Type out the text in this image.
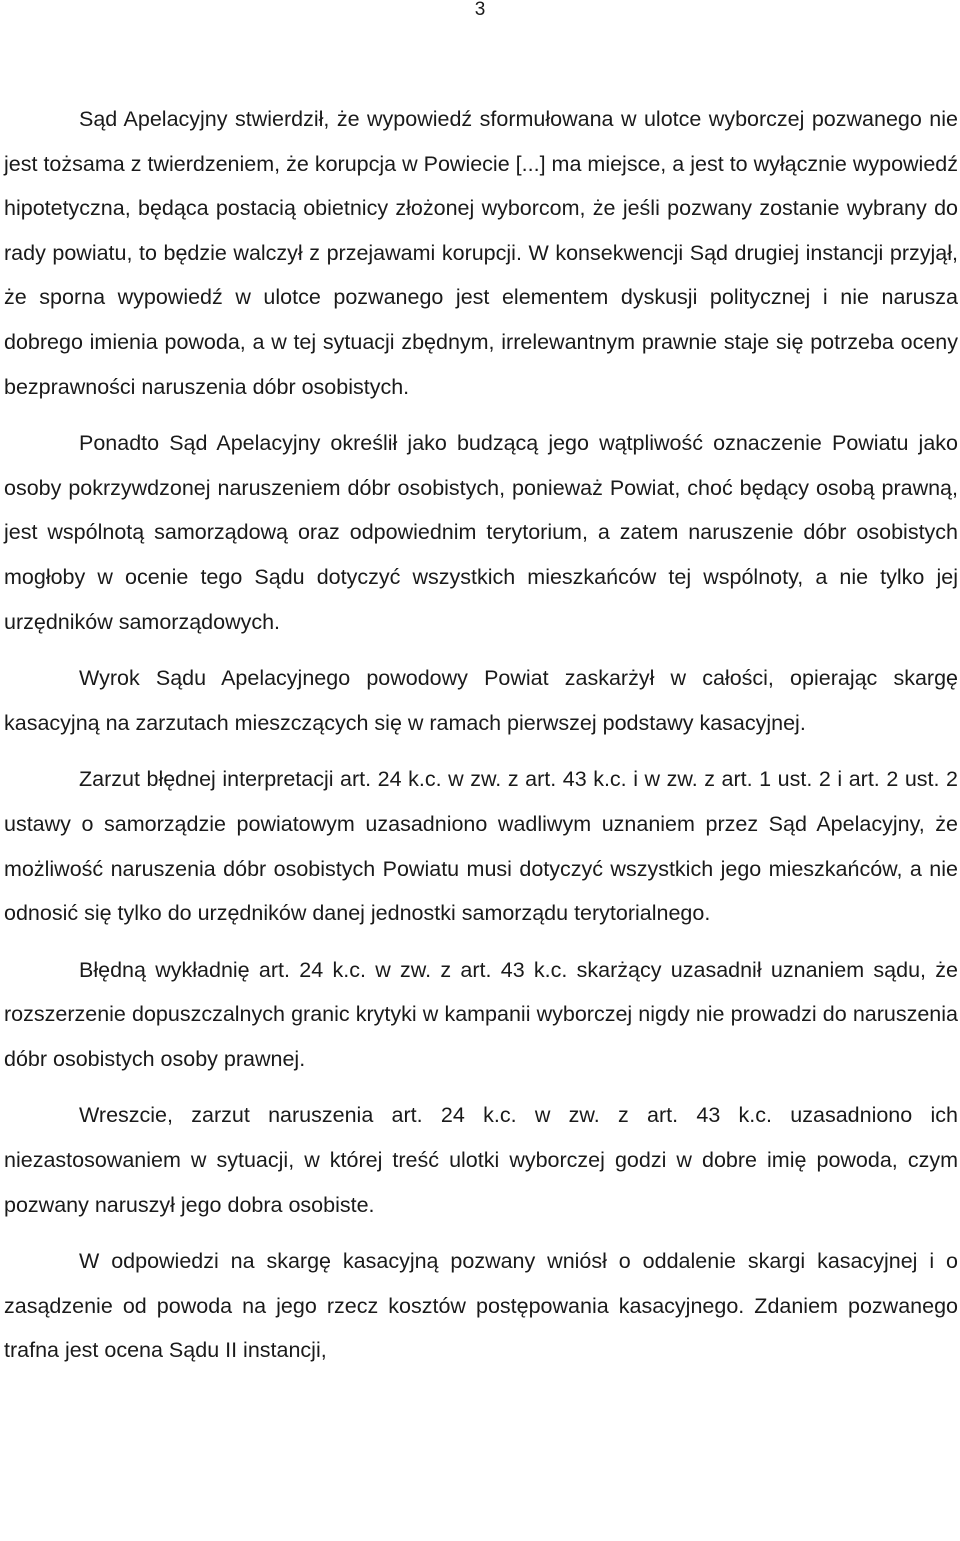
3

Sąd Apelacyjny stwierdził, że wypowiedź sformułowana w ulotce wyborczej pozwanego nie jest tożsama z twierdzeniem, że korupcja w Powiecie [...] ma miejsce, a jest to wyłącznie wypowiedź hipotetyczna, będąca postacią obietnicy złożonej wyborcom, że jeśli pozwany zostanie wybrany do rady powiatu, to będzie walczył z przejawami korupcji. W konsekwencji Sąd drugiej instancji przyjął, że sporna wypowiedź w ulotce pozwanego jest elementem dyskusji politycznej i nie narusza dobrego imienia powoda, a w tej sytuacji zbędnym, irrelewantnym prawnie staje się potrzeba oceny bezprawności naruszenia dóbr osobistych.

Ponadto Sąd Apelacyjny określił jako budzącą jego wątpliwość oznaczenie Powiatu jako osoby pokrzywdzonej naruszeniem dóbr osobistych, ponieważ Powiat, choć będący osobą prawną, jest wspólnotą samorządową oraz odpowiednim terytorium, a zatem naruszenie dóbr osobistych mogłoby w ocenie tego Sądu dotyczyć wszystkich mieszkańców tej wspólnoty, a nie tylko jej urzędników samorządowych.

Wyrok Sądu Apelacyjnego powodowy Powiat zaskarżył w całości, opierając skargę kasacyjną na zarzutach mieszczących się w ramach pierwszej podstawy kasacyjnej.

Zarzut błędnej interpretacji art. 24 k.c. w zw. z art. 43 k.c. i w zw. z art. 1 ust. 2 i art. 2 ust. 2 ustawy o samorządzie powiatowym uzasadniono wadliwym uznaniem przez Sąd Apelacyjny, że możliwość naruszenia dóbr osobistych Powiatu musi dotyczyć wszystkich jego mieszkańców, a nie odnosić się tylko do urzędników danej jednostki samorządu terytorialnego.

Błędną wykładnię art. 24 k.c. w zw. z art. 43 k.c. skarżący uzasadnił uznaniem sądu, że rozszerzenie dopuszczalnych granic krytyki w kampanii wyborczej nigdy nie prowadzi do naruszenia dóbr osobistych osoby prawnej.

Wreszcie, zarzut naruszenia art. 24 k.c. w zw. z art. 43 k.c. uzasadniono ich niezastosowaniem w sytuacji, w której treść ulotki wyborczej godzi w dobre imię powoda, czym pozwany naruszył jego dobra osobiste.

W odpowiedzi na skargę kasacyjną pozwany wniósł o oddalenie skargi kasacyjnej i o zasądzenie od powoda na jego rzecz kosztów postępowania kasacyjnego. Zdaniem pozwanego trafna jest ocena Sądu II instancji,
